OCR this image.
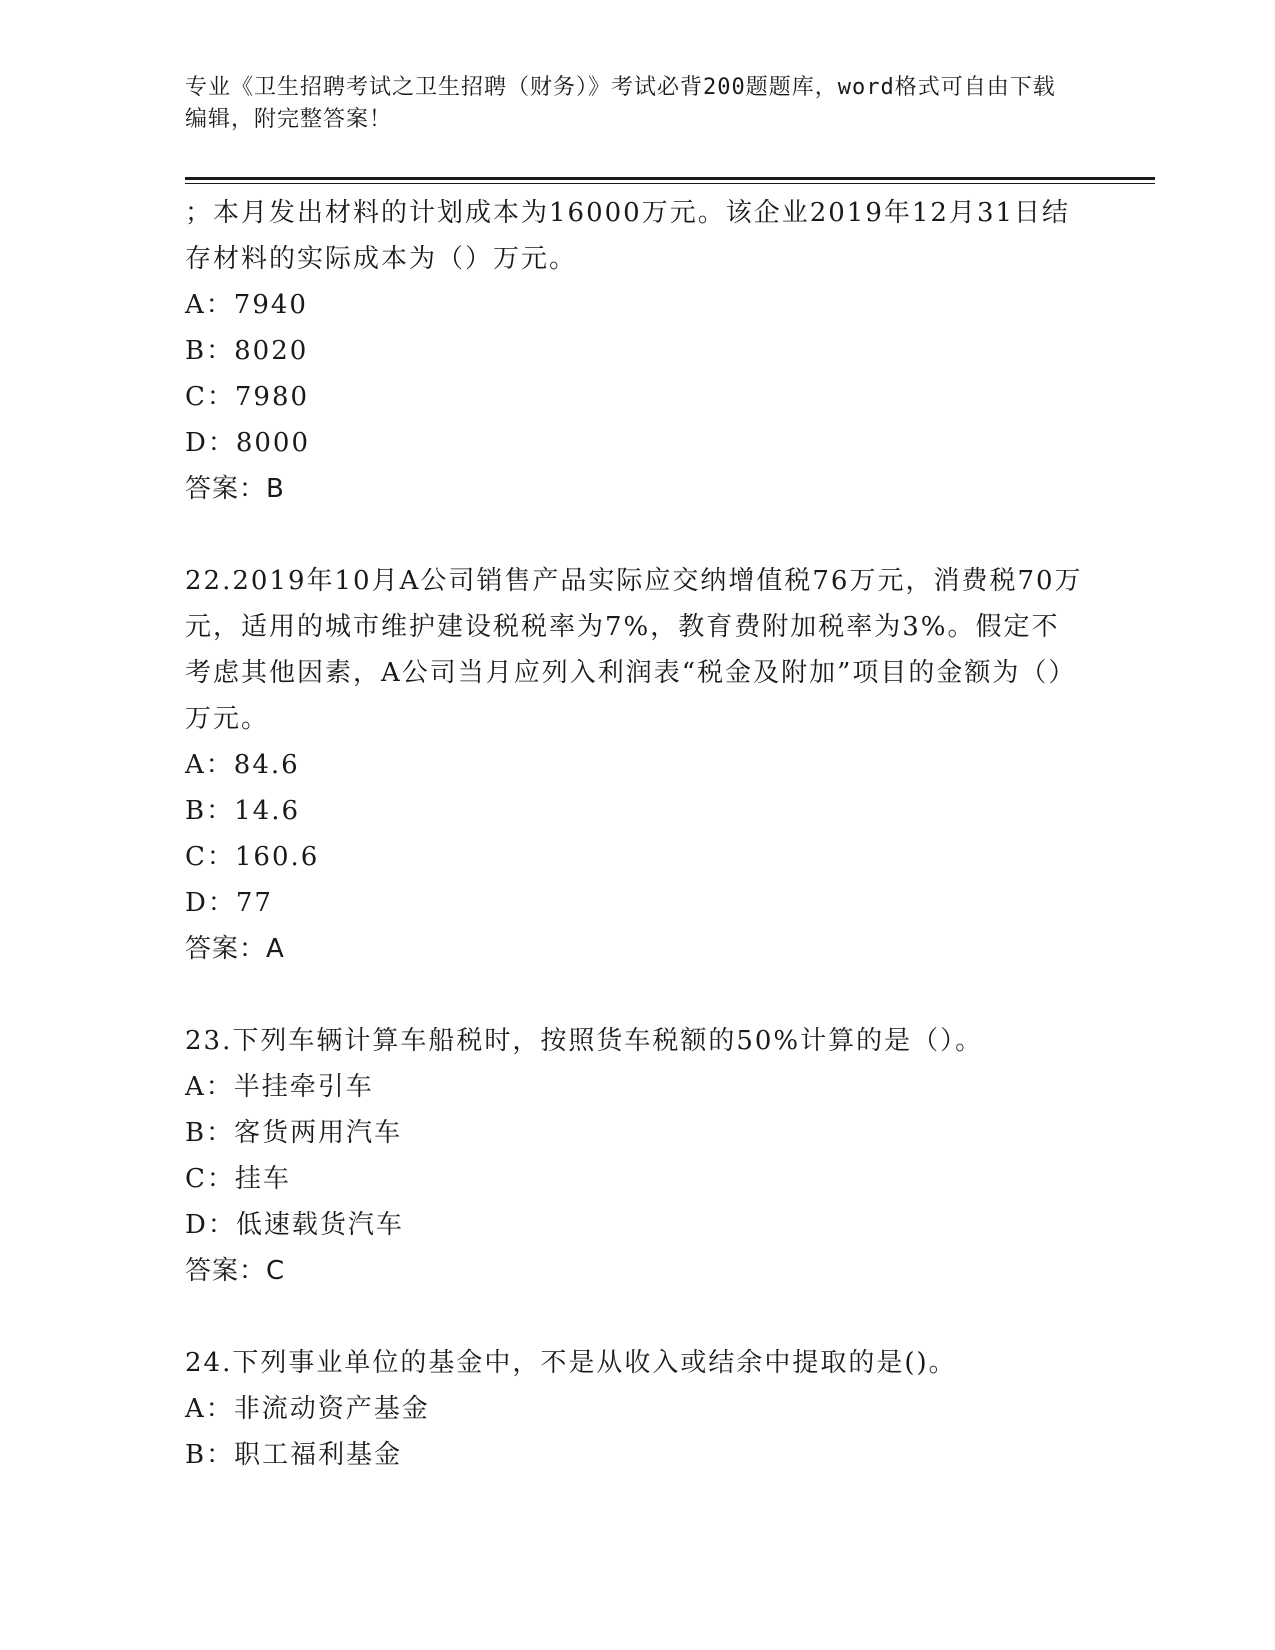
专业《卫生招聘考试之卫生招聘（财务）》考试必背200题题库，word格式可自由下载编辑，附完整答案！
；本月发出材料的计划成本为16000万元。该企业2019年12月31日结存材料的实际成本为（）万元。
A：7940
B：8020
C：7980
D：8000
答案：B
22.2019年10月A公司销售产品实际应交纳增值税76万元，消费税70万元，适用的城市维护建设税税率为7%，教育费附加税率为3%。假定不考虑其他因素，A公司当月应列入利润表“税金及附加”项目的金额为（）万元。
A：84.6
B：14.6
C：160.6
D：77
答案：A
23.下列车辆计算车船税时，按照货车税额的50%计算的是（）。
A：半挂牵引车
B：客货两用汽车
C：挂车
D：低速载货汽车
答案：C
24.下列事业单位的基金中，不是从收入或结余中提取的是()。
A：非流动资产基金
B：职工福利基金
